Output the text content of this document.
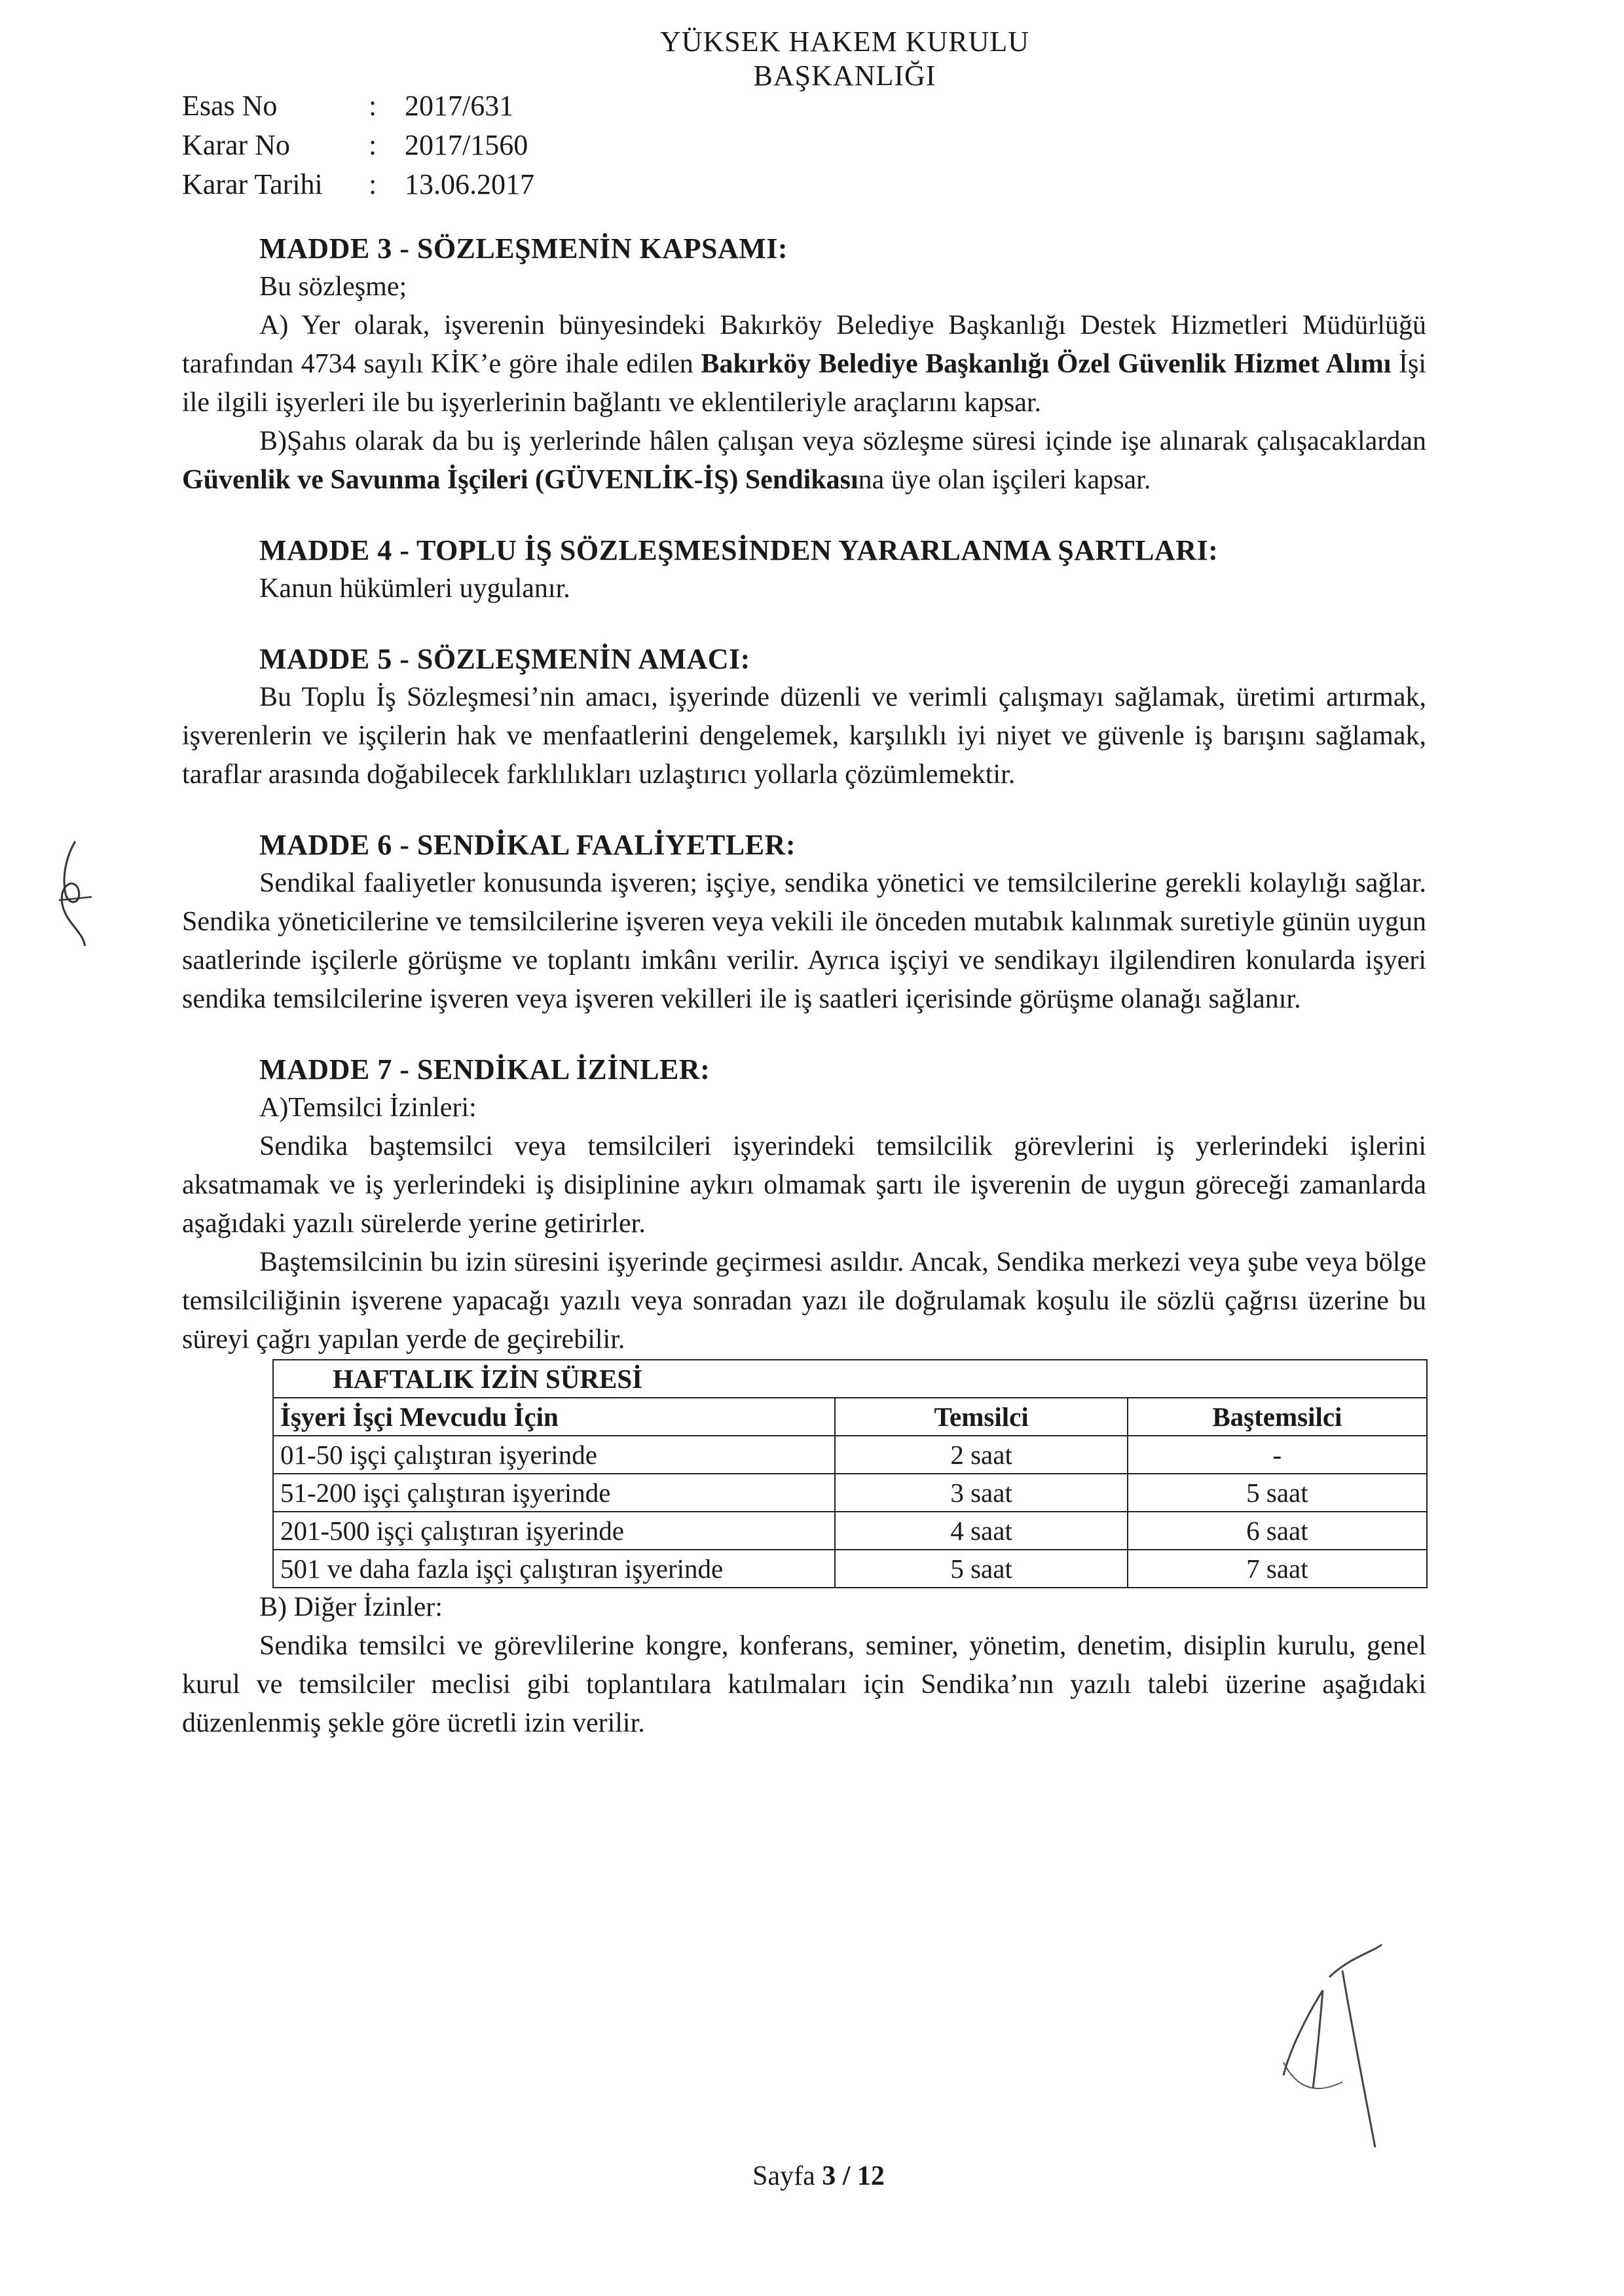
YÜKSEK HAKEM KURULU
BAŞKANLIĞI
Esas No	: 2017/631
Karar No	: 2017/1560
Karar Tarihi	: 13.06.2017
MADDE 3 - SÖZLEŞMENİN KAPSAMI:

Bu sözleşme;

A) Yer olarak, işverenin bünyesindeki Bakırköy Belediye Başkanlığı Destek Hizmetleri Müdürlüğü tarafından 4734 sayılı KİK’e göre ihale edilen Bakırköy Belediye Başkanlığı Özel Güvenlik Hizmet Alımı İşi ile ilgili işyerleri ile bu işyerlerinin bağlantı ve eklentileriyle araçlarını kapsar.

B)Şahıs olarak da bu iş yerlerinde hâlen çalışan veya sözleşme süresi içinde işe alınarak çalışacaklardan Güvenlik ve Savunma İşçileri (GÜVENLİK-İŞ) Sendikasına üye olan işçileri kapsar.

MADDE 4 - TOPLU İŞ SÖZLEŞMESİNDEN YARARLANMA ŞARTLARI:

Kanun hükümleri uygulanır.

MADDE 5 - SÖZLEŞMENİN AMACI:

Bu Toplu İş Sözleşmesi’nin amacı, işyerinde düzenli ve verimli çalışmayı sağlamak, üretimi artırmak, işverenlerin ve işçilerin hak ve menfaatlerini dengelemek, karşılıklı iyi niyet ve güvenle iş barışını sağlamak, taraflar arasında doğabilecek farklılıkları uzlaştırıcı yollarla çözümlemektir.

MADDE 6 - SENDİKAL FAALİYETLER:

Sendikal faaliyetler konusunda işveren; işçiye, sendika yönetici ve temsilcilerine gerekli kolaylığı sağlar. Sendika yöneticilerine ve temsilcilerine işveren veya vekili ile önceden mutabık kalınmak suretiyle günün uygun saatlerinde işçilerle görüşme ve toplantı imkânı verilir. Ayrıca işçiyi ve sendikayı ilgilendiren konularda işyeri sendika temsilcilerine işveren veya işveren vekilleri ile iş saatleri içerisinde görüşme olanağı sağlanır.

MADDE 7 - SENDİKAL İZİNLER:

A)Temsilci İzinleri:

Sendika baştemsilci veya temsilcileri işyerindeki temsilcilik görevlerini iş yerlerindeki işlerini aksatmamak ve iş yerlerindeki iş disiplinine aykırı olmamak şartı ile işverenin de uygun göreceği zamanlarda aşağıdaki yazılı sürelerde yerine getirirler.

Baştemsilcinin bu izin süresini işyerinde geçirmesi asıldır. Ancak, Sendika merkezi veya şube veya bölge temsilciliğinin işverene yapacağı yazılı veya sonradan yazı ile doğrulamak koşulu ile sözlü çağrısı üzerine bu süreyi çağrı yapılan yerde de geçirebilir.

HAFTALIK İZİN SÜRESİ		
İşyeri İşçi Mevcudu İçin	Temsilci	Baştemsilci
01-50 işçi çalıştıran işyerinde	2 saat	-
51-200 işçi çalıştıran işyerinde	3 saat	5 saat
201-500 işçi çalıştıran işyerinde	4 saat	6 saat
501 ve daha fazla işçi çalıştıran işyerinde	5 saat	7 saat

B) Diğer İzinler:

Sendika temsilci ve görevlilerine kongre, konferans, seminer, yönetim, denetim, disiplin kurulu, genel kurul ve temsilciler meclisi gibi toplantılara katılmaları için Sendika’nın yazılı talebi üzerine aşağıdaki düzenlenmiş şekle göre ücretli izin verilir.

Sayfa 3 / 12
